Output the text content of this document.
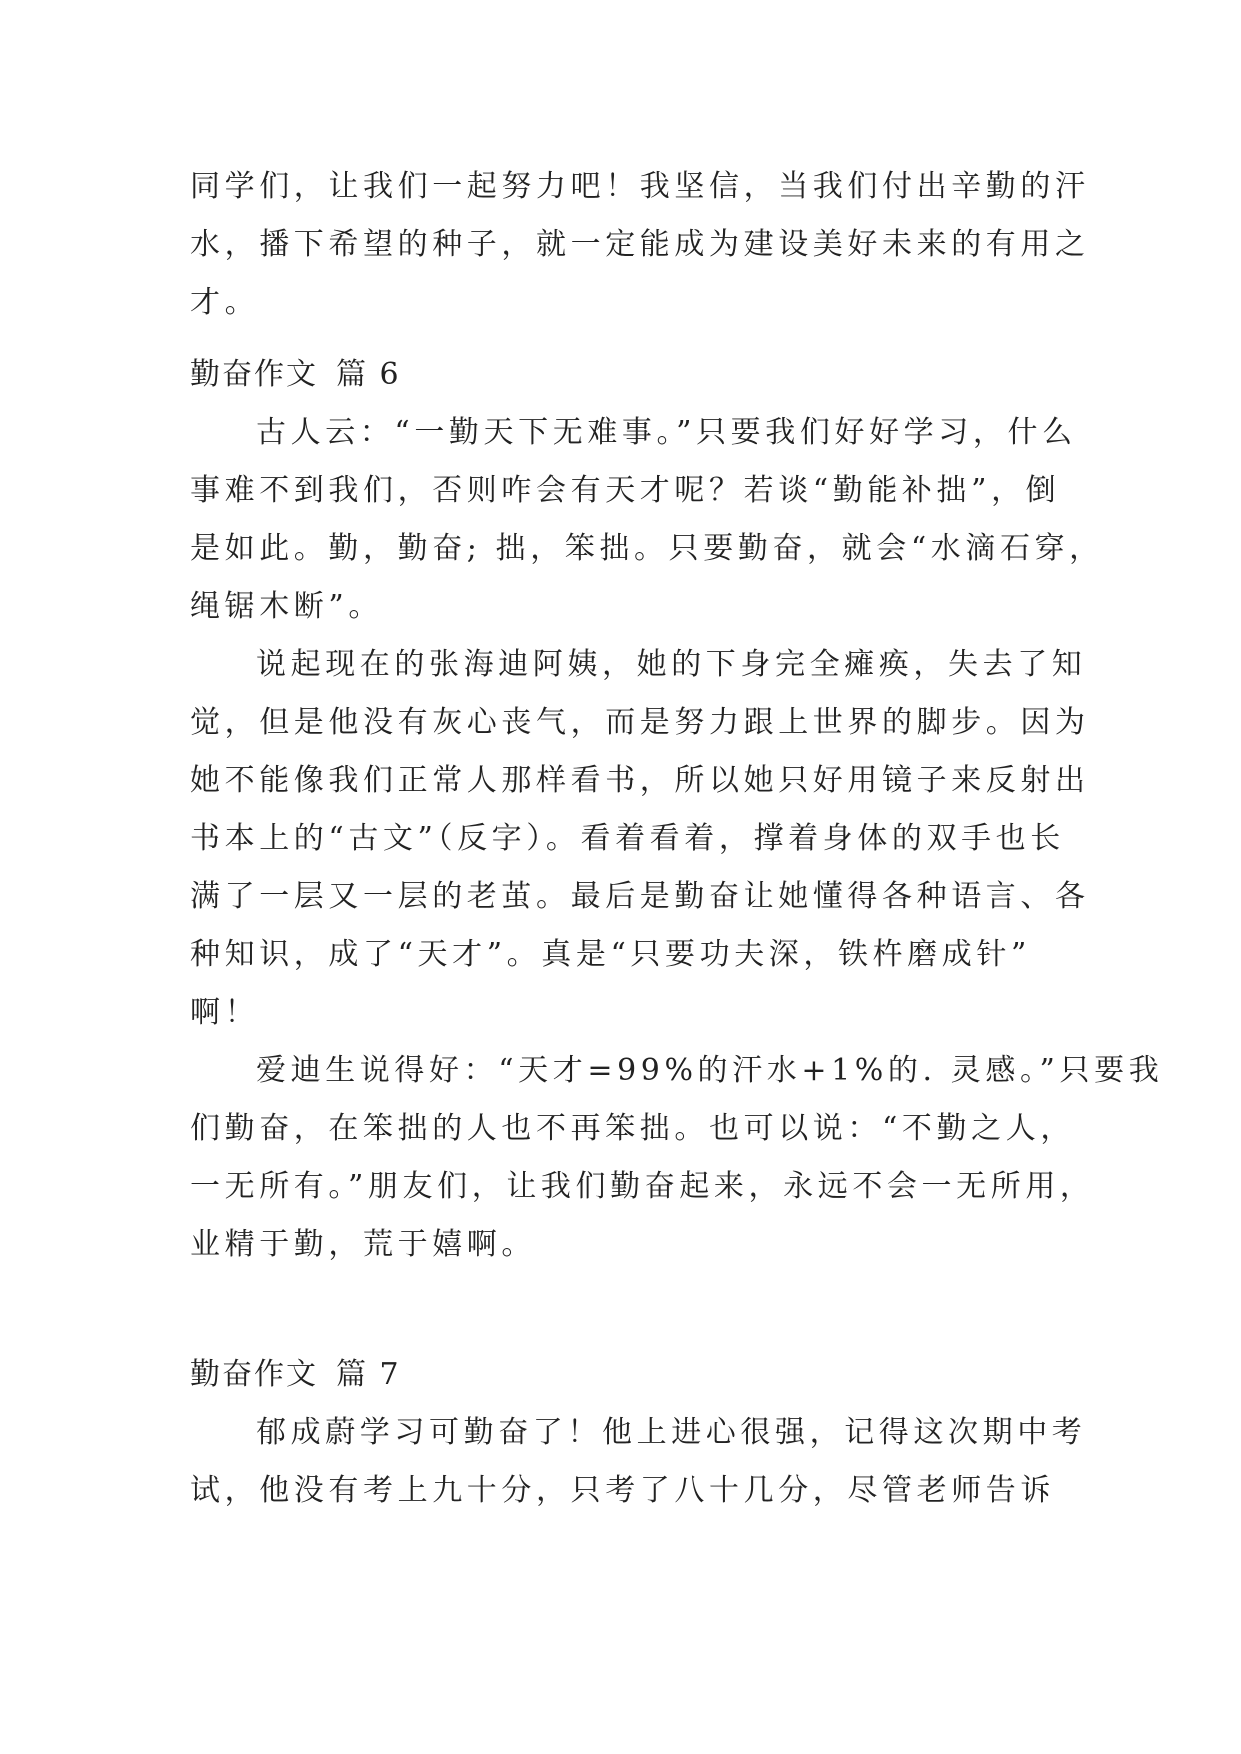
同学们，让我们一起努力吧！我坚信，当我们付出辛勤的汗
水，播下希望的种子，就一定能成为建设美好未来的有用之
才。
勤奋作文 篇 6
古人云：“一勤天下无难事。”只要我们好好学习，什么
事难不到我们，否则咋会有天才呢？若谈“勤能补拙”，倒
是如此。勤，勤奋; 拙，笨拙。只要勤奋，就会“水滴石穿，
绳锯木断”。
说起现在的张海迪阿姨，她的下身完全瘫痪，失去了知
觉，但是他没有灰心丧气，而是努力跟上世界的脚步。因为
她不能像我们正常人那样看书，所以她只好用镜子来反射出
书本上的“古文”（反字）。看着看着，撑着身体的双手也长
满了一层又一层的老茧。最后是勤奋让她懂得各种语言、各
种知识，成了“天才”。真是“只要功夫深，铁杵磨成针”
啊！
爱迪生说得好：“天才=99%的汗水+1%的. 灵感。”只要我
们勤奋，在笨拙的人也不再笨拙。也可以说：“不勤之人，
一无所有。”朋友们，让我们勤奋起来，永远不会一无所用，
业精于勤，荒于嬉啊。
勤奋作文 篇 7
郁成蔚学习可勤奋了！他上进心很强，记得这次期中考
试，他没有考上九十分，只考了八十几分，尽管老师告诉
